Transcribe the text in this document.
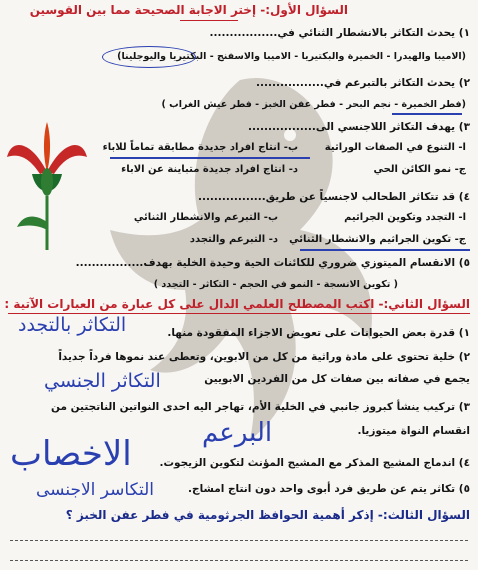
السؤال الأول:- إختر الاجابة الصحيحة مما بين القوسين
١) يحدث التكاثر بالانشطار الثنائي في.................
(الاميبا والهيدرا - الخميرة والبكتيريا - الاميبا والاسفنج - البكتيريا واليوجلينا)
٢) يحدث التكاثر بالتبرعم في.................
(فطر الخميرة - نجم البحر - فطر عفن الخبز - فطر عيش الغراب )
٣) يهدف التكاثر اللاجنسي الى.................
ا- التنوع في الصفات الوراثية
ب- انتاج افراد جديدة مطابقة تماماً للاباء
ج- نمو الكائن الحي
د- انتاج افراد جديدة متباينة عن الاباء
٤) قد تتكاثر الطحالب لاجنسياً عن طريق.................
ا- التجدد وتكوين الجراثيم
ب- التبرعم والانشطار الثنائي
ج- تكوين الجراثيم والانشطار الثنائي
د- التبرعم والتجدد
٥) الانقسام الميتوزي ضروري للكائنات الحية وحيدة الخلية بهدف.................
( تكوين الانسجة - النمو في الحجم - التكاثر - التجدد )
السؤال الثاني:- اكتب المصطلح العلمي الدال على كل عبارة من العبارات الآتية :
التكاثر بالتجدد	١) قدرة بعض الحيوانات على تعويض الاجزاء المفقودة منها.
٢) خلية تحتوى على مادة وراثية من كل من الابوين، وتعطى عند نموها فرداً جديداً
يجمع في صفاته بين صفات كل من الفردين الابويين
التكاثر الجنسي
٣) تركيب ينشأ كبروز جانبي في الخلية الأم، تهاجر اليه احدى النواتين الناتجتين من
انقسام النواة ميتوزيا.
البرعم
الاخصاب	٤) اندماج المشيج المذكر مع المشيج المؤنث لتكوين الزيجوت.
٥) تكاثر يتم عن طريق فرد أبوى واحد دون انتاج امشاج.
التكاسر الاجنسى
السؤال الثالث:- إذكر أهمية الحوافظ الجرثومية في فطر عفن الخبز ؟
